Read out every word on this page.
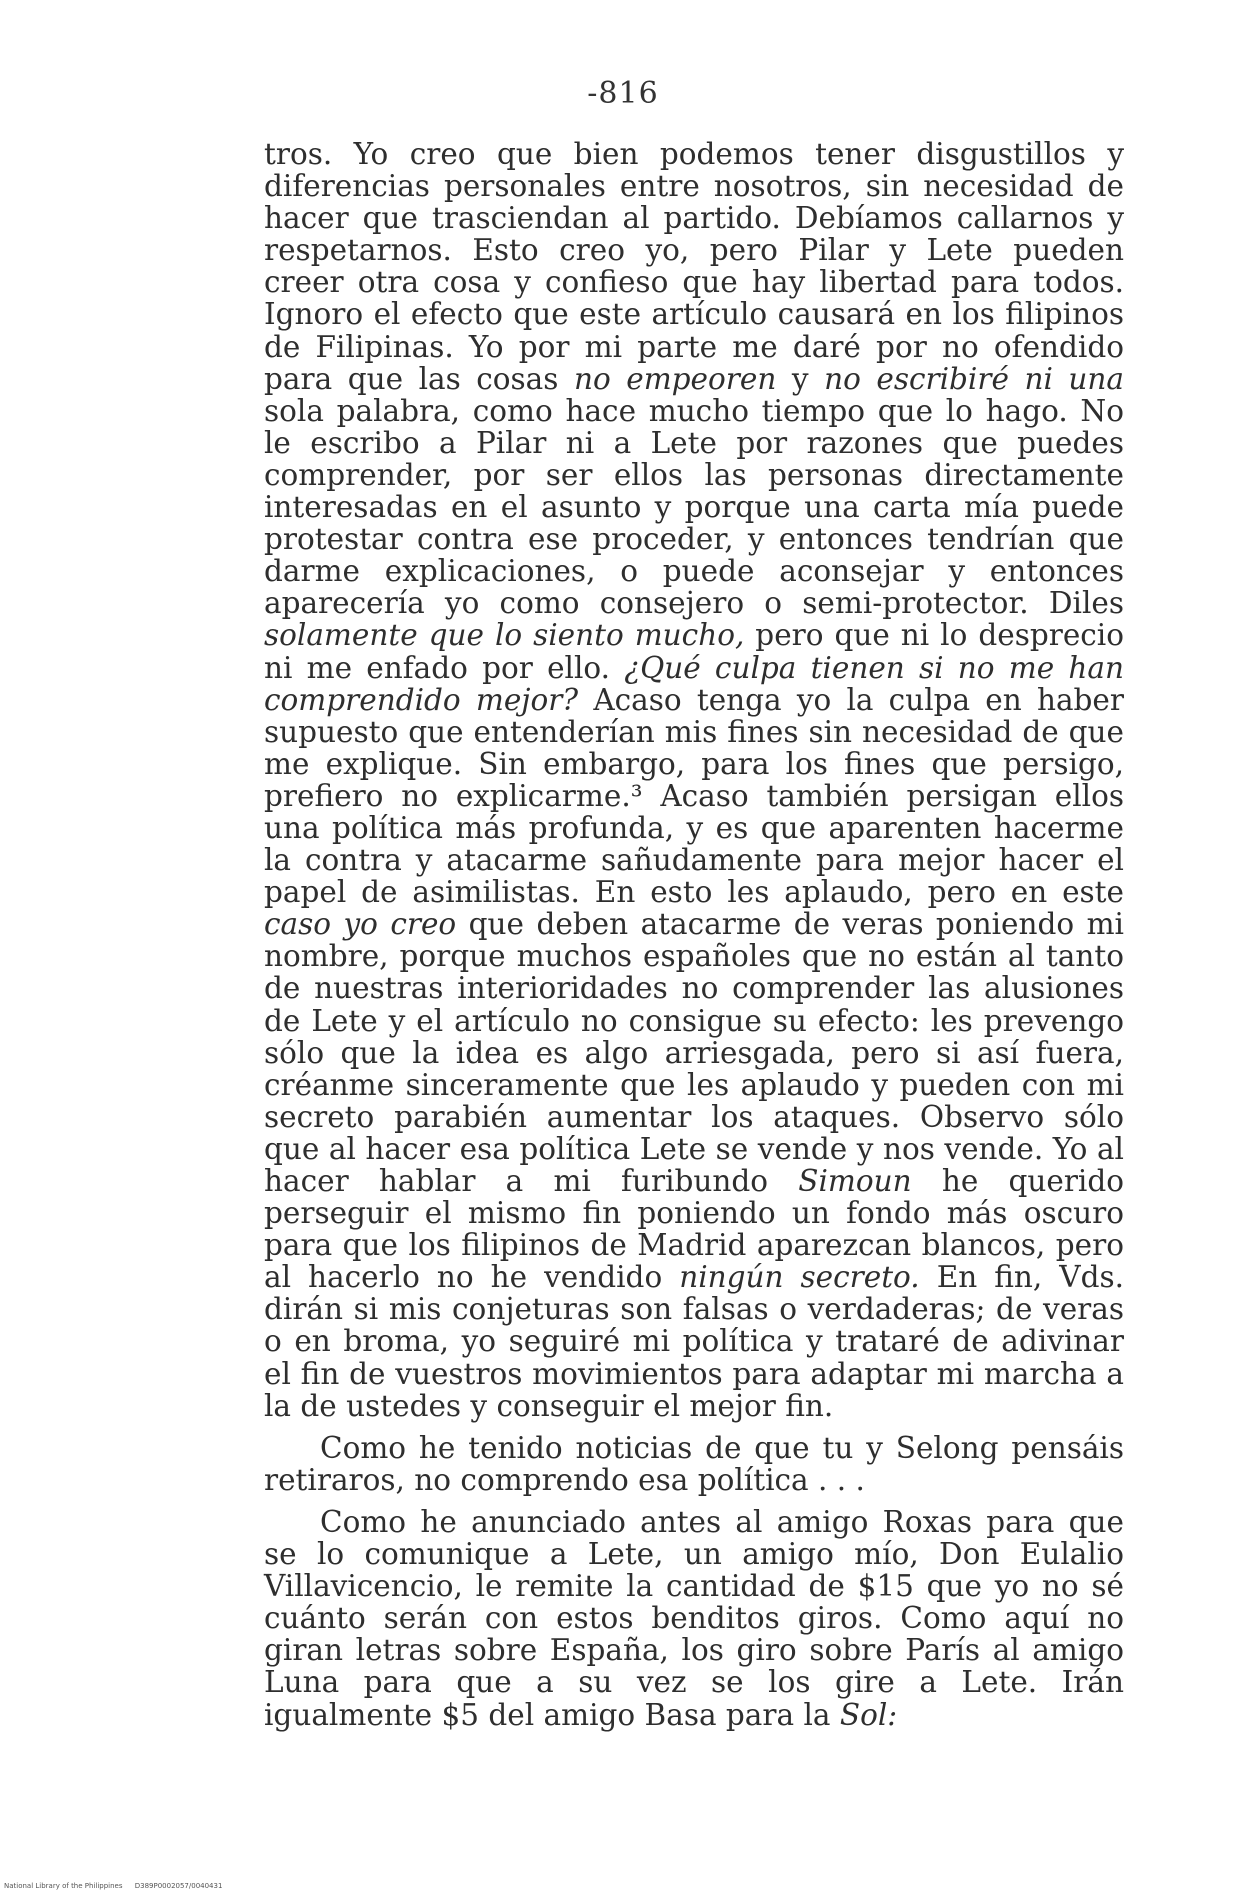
-816

tros. Yo creo que bien podemos tener disgustillos y diferencias personales entre nosotros, sin necesidad de hacer que trasciendan al partido. Debíamos callarnos y respetarnos. Esto creo yo, pero Pilar y Lete pueden creer otra cosa y confieso que hay libertad para todos. Ignoro el efecto que este artículo causará en los filipinos de Filipinas. Yo por mi parte me daré por no ofendido para que las cosas no empeoren y no escribiré ni una sola palabra, como hace mucho tiempo que lo hago. No le escribo a Pilar ni a Lete por razones que puedes comprender, por ser ellos las personas directamente interesadas en el asunto y porque una carta mía puede protestar contra ese proceder, y entonces tendrían que darme explicaciones, o puede aconsejar y entonces aparecería yo como consejero o semi-protector. Diles solamente que lo siento mucho, pero que ni lo desprecio ni me enfado por ello. ¿Qué culpa tienen si no me han comprendido mejor? Acaso tenga yo la culpa en haber supuesto que entenderían mis fines sin necesidad de que me explique. Sin embargo, para los fines que persigo, prefiero no explicarme.³ Acaso también persigan ellos una política más profunda, y es que aparenten hacerme la contra y atacarme sañudamente para mejor hacer el papel de asimilistas. En esto les aplaudo, pero en este caso yo creo que deben atacarme de veras poniendo mi nombre, porque muchos españoles que no están al tanto de nuestras interioridades no comprender las alusiones de Lete y el artículo no consigue su efecto: les prevengo sólo que la idea es algo arriesgada, pero si así fuera, créanme sinceramente que les aplaudo y pueden con mi secreto parabién aumentar los ataques. Observo sólo que al hacer esa política Lete se vende y nos vende. Yo al hacer hablar a mi furibundo Simoun he querido perseguir el mismo fin poniendo un fondo más oscuro para que los filipinos de Madrid aparezcan blancos, pero al hacerlo no he vendido ningún secreto. En fin, Vds. dirán si mis conjeturas son falsas o verdaderas; de veras o en broma, yo seguiré mi política y trataré de adivinar el fin de vuestros movimientos para adaptar mi marcha a la de ustedes y conseguir el mejor fin.

Como he tenido noticias de que tu y Selong pensáis retiraros, no comprendo esa política . . .

Como he anunciado antes al amigo Roxas para que se lo comunique a Lete, un amigo mío, Don Eulalio Villavicencio, le remite la cantidad de $15 que yo no sé cuánto serán con estos benditos giros. Como aquí no giran letras sobre España, los giro sobre París al amigo Luna para que a su vez se los gire a Lete. Irán igualmente $5 del amigo Basa para la Sol:

National Library of the Philippines D389P0002057/0040431
